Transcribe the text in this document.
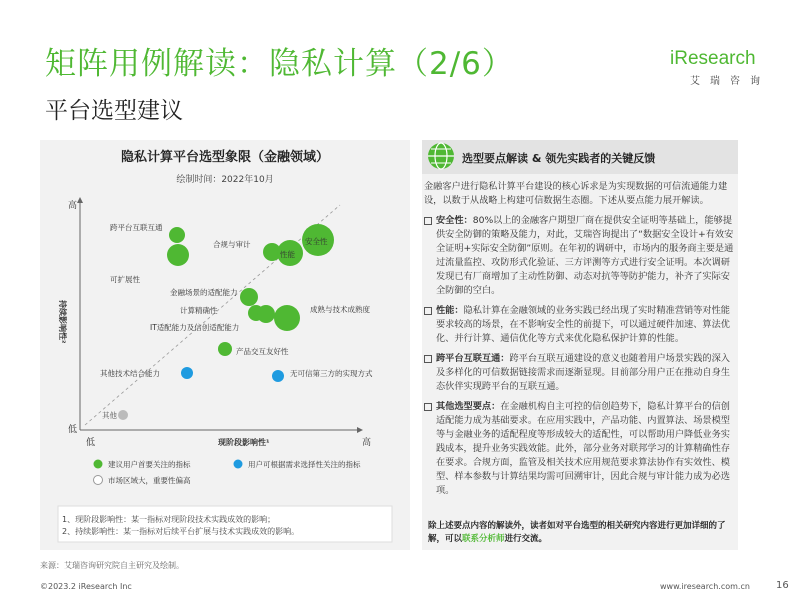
矩阵用例解读：隐私计算（2/6）
平台选型建议
iResearch
艾瑞咨询
隐私计算平台选型象限（金融领域）
绘制时间：2022年10月
高
低
低	高
现阶段影响性¹
持续影响性²
跨平台互联互通
可扩展性
合规与审计
性能
安全性
金融场景的适配能力
计算精确性
IT适配能力及信创适配能力
成熟与技术成熟度
产品交互友好性
其他技术结合能力	无可信第三方的实现方式
其他
建议用户首要关注的指标	用户可根据需求选择性关注的指标
市场区域大，重要性偏高
1、现阶段影响性：某一指标对现阶段技术实践成效的影响；
2、持续影响性：某一指标对后续平台扩展与技术实践成效的影响。
来源：艾瑞咨询研究院自主研究及绘制。
选型要点解读 & 领先实践者的关键反馈

金融客户进行隐私计算平台建设的核心诉求是为实现数据的可信流通能力建设，以数于从战略上构建可信数据生态圈。下述从要点能力展开解读。

安全性：80%以上的金融客户期望厂商在提供安全证明等基础上，能够提供安全防御的策略及能力，对此，艾瑞咨询提出了“数据安全设计+有效安全证明+实际安全防御”原则。在年初的调研中，市场内的服务商主要是通过流量监控、攻防形式化验证、三方评测等方式进行安全证明。本次调研发现已有厂商增加了主动性防御、动态对抗等等防护能力，补齐了实际安全防御的空白。

性能：隐私计算在金融领域的业务实践已经出现了实时精准营销等对性能要求较高的场景，在不影响安全性的前提下，可以通过硬件加速、算法优化、并行计算、通信优化等方式来优化隐私保护计算的性能。

跨平台互联互通：跨平台互联互通建设的意义也随着用户场景实践的深入及多样化的可信数据链接需求而逐渐显现。目前部分用户正在推动自身生态伙伴实现跨平台的互联互通。

其他选型要点：在金融机构自主可控的信创趋势下，隐私计算平台的信创适配能力成为基础要求。在应用实践中，产品功能、内置算法、场景模型等与金融业务的适配程度等形成较大的适配性，可以帮助用户降低业务实践成本，提升业务实践效能。此外，部分业务对联邦学习的计算精确性存在要求。合规方面，监管及相关技术应用规范要求算法协作有实效性、模型、样本参数与计算结果均需可回溯审计，因此合规与审计能力成为必选项。

除上述要点内容的解读外，读者如对平台选型的相关研究内容进行更加详细的了解，可以联系分析师进行交流。
©2023.2 iResearch Inc	www.iresearch.com.cn	16
